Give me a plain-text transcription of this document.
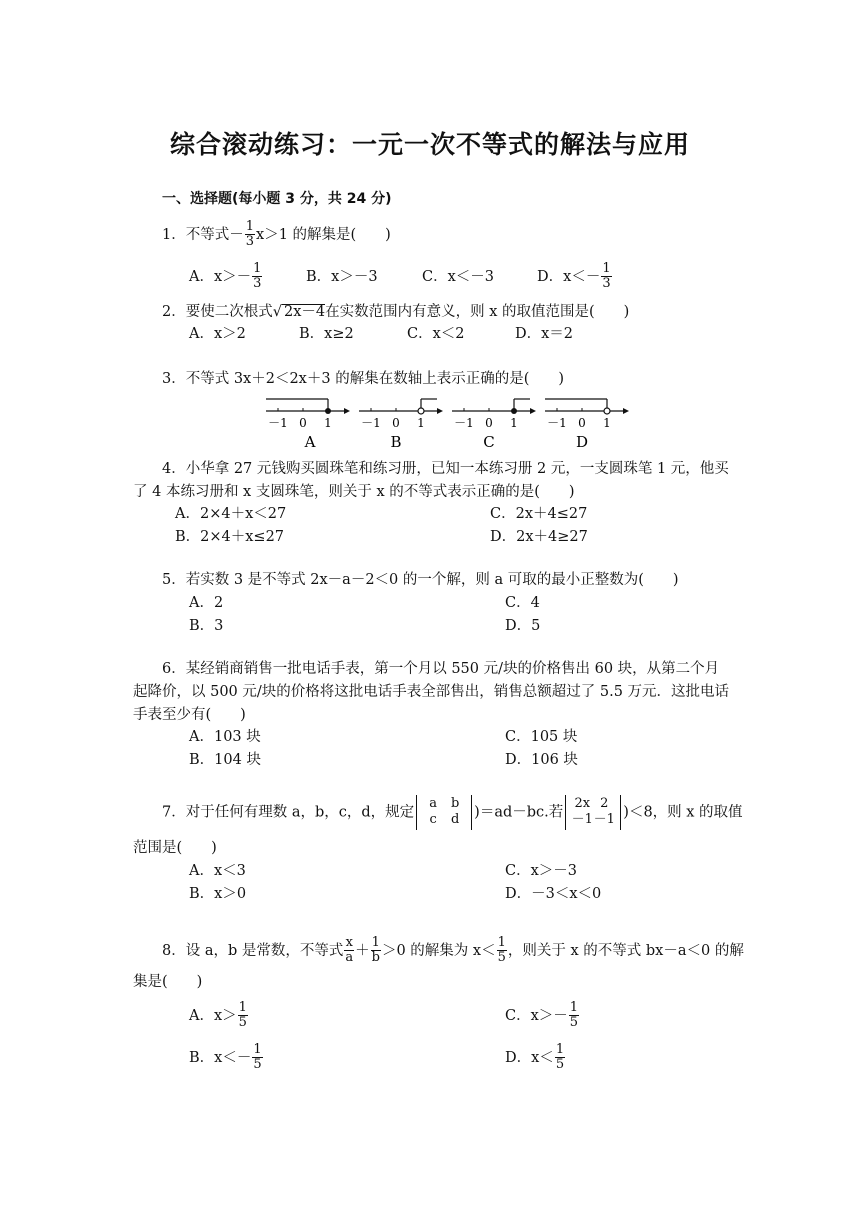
综合滚动练习：一元一次不等式的解法与应用
一、选择题(每小题 3 分，共 24 分)
1．不等式－ $\frac{1}{3} x>1$ 的解集是(　　)
A．$x>- \frac{1}{3}$	B．x＞－3	C．x＜－3	D．$x<- \frac{1}{3}$
2．要使二次根式√ 2x－4在实数范围内有意义，则 x 的取值范围是(　　)
A．x＞2	B．x≥2	C．x＜2	D．x＝2
3．不等式 3x＋2＜2x＋3 的解集在数轴上表示正确的是(　　)
－1 0 1
A
－1 0 1
B
－1 0 1
C
－1 0 1
D
4．小华拿 27 元钱购买圆珠笔和练习册，已知一本练习册 2 元，一支圆珠笔 1 元，他买
了 4 本练习册和 x 支圆珠笔，则关于 x 的不等式表示正确的是(　　)
A．2×4＋x＜27	C．2x＋4≤27
B．2×4＋x≤27	D．2x＋4≥27
5．若实数 3 是不等式 2x－a－2＜0 的一个解，则 a 可取的最小正整数为(　　)
A．2	C．4
B．3	D．5
6．某经销商销售一批电话手表，第一个月以 550 元/块的价格售出 60 块，从第二个月
起降价，以 500 元/块的价格将这批电话手表全部售出，销售总额超过了 5.5 万元．这批电话
手表至少有(　　)
A．103 块	C．105 块
B．104 块	D．106 块
7．对于任何有理数 a，b，c，d，规定
a b
c d	)＝ad－bc.若
2x 2
－1－1 )＜8，则 x 的取值
范围是(　　)
A．x＜3	C．x＞－3
B．x＞0	D．－3＜x＜0
8．设 a，b 是常数，不等式 $\frac{x}{a} + \frac{1}{b} >0$ 的解集为 $x< \frac{1}{5}$ ，则关于 x 的不等式 bx－a＜0 的解
集是(　　)
A．$x> \frac{1}{5}$	C．$x>- \frac{1}{5}$
B．$x<- \frac{1}{5}$	D．$x< \frac{1}{5}$
